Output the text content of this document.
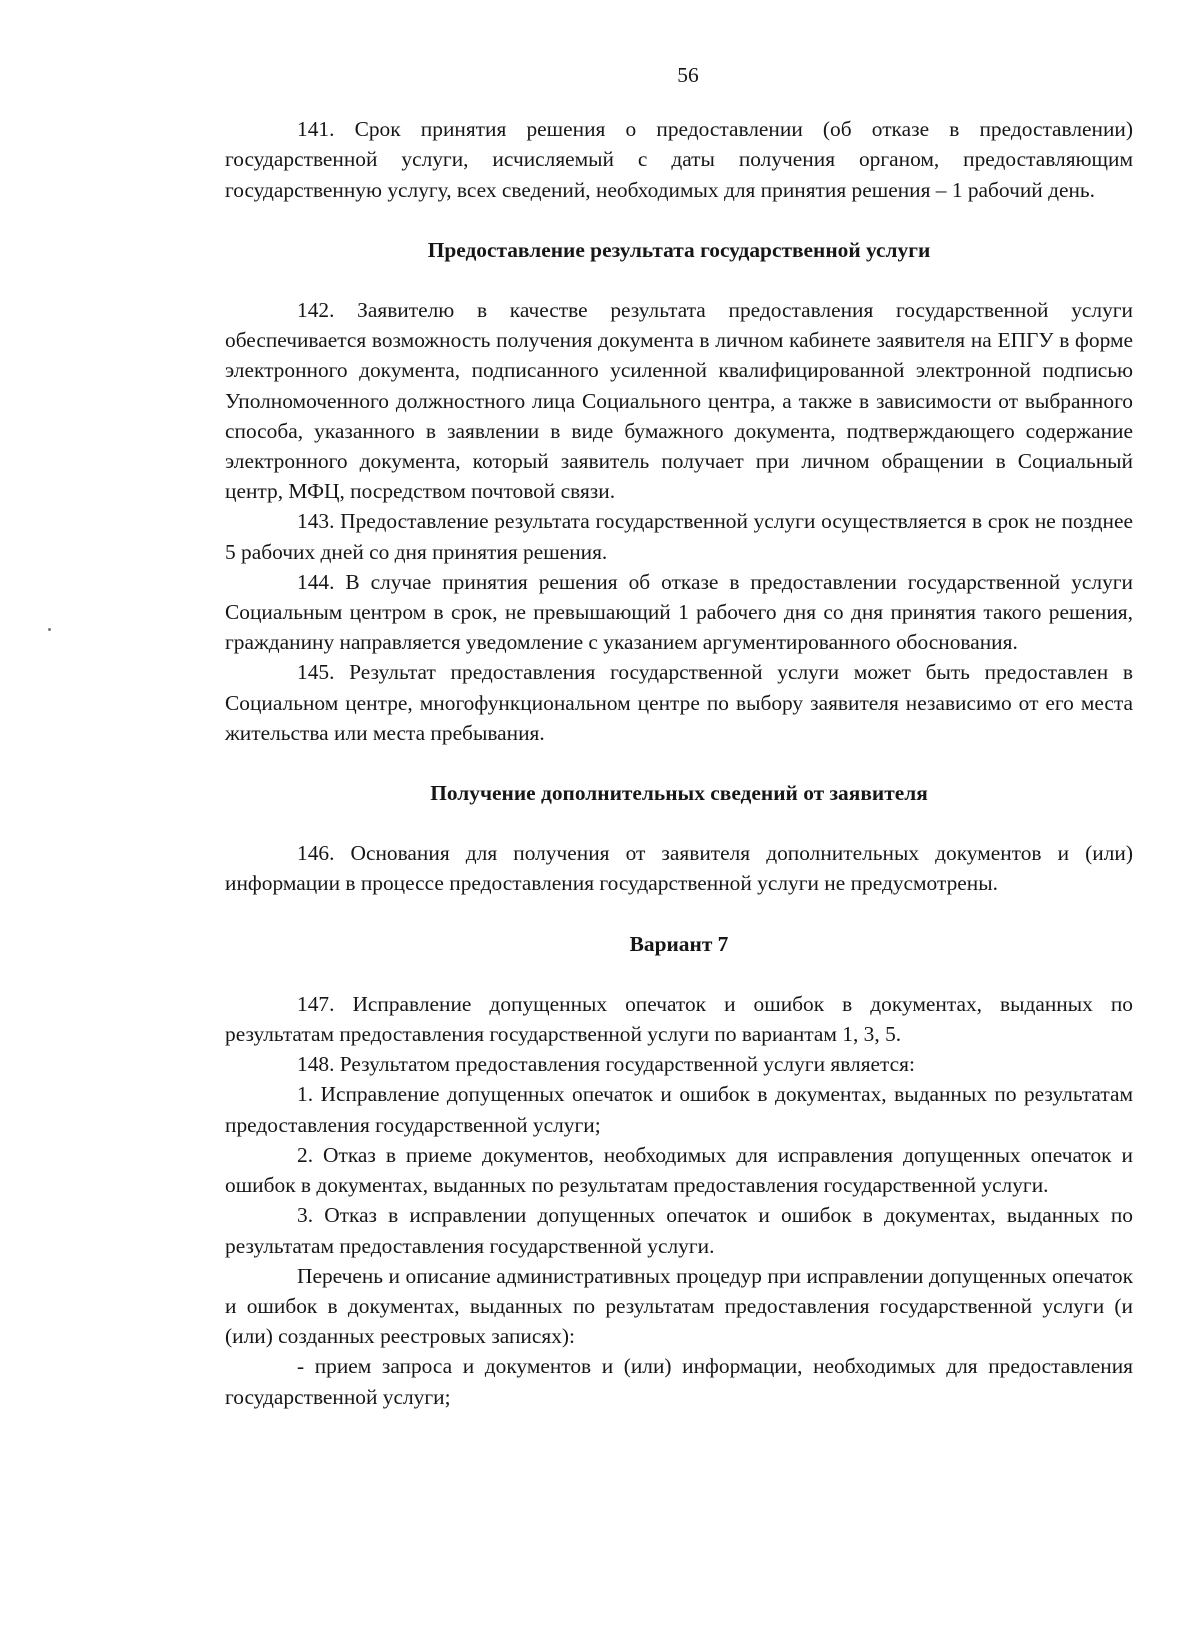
56

141. Срок принятия решения о предоставлении (об отказе в предоставлении) государственной услуги, исчисляемый с даты получения органом, предоставляющим государственную услугу, всех сведений, необходимых для принятия решения – 1 рабочий день.

Предоставление результата государственной услуги

142. Заявителю в качестве результата предоставления государственной услуги обеспечивается возможность получения документа в личном кабинете заявителя на ЕПГУ в форме электронного документа, подписанного усиленной квалифицированной электронной подписью Уполномоченного должностного лица Социального центра, а также в зависимости от выбранного способа, указанного в заявлении в виде бумажного документа, подтверждающего содержание электронного документа, который заявитель получает при личном обращении в Социальный центр, МФЦ, посредством почтовой связи.

143. Предоставление результата государственной услуги осуществляется в срок не позднее 5 рабочих дней со дня принятия решения.

144. В случае принятия решения об отказе в предоставлении государственной услуги Социальным центром в срок, не превышающий 1 рабочего дня со дня принятия такого решения, гражданину направляется уведомление с указанием аргументированного обоснования.

145. Результат предоставления государственной услуги может быть предоставлен в Социальном центре, многофункциональном центре по выбору заявителя независимо от его места жительства или места пребывания.

Получение дополнительных сведений от заявителя

146. Основания для получения от заявителя дополнительных документов и (или) информации в процессе предоставления государственной услуги не предусмотрены.

Вариант 7

147. Исправление допущенных опечаток и ошибок в документах, выданных по результатам предоставления государственной услуги по вариантам 1, 3, 5.

148. Результатом предоставления государственной услуги является:

1. Исправление допущенных опечаток и ошибок в документах, выданных по результатам предоставления государственной услуги;

2. Отказ в приеме документов, необходимых для исправления допущенных опечаток и ошибок в документах, выданных по результатам предоставления государственной услуги.

3. Отказ в исправлении допущенных опечаток и ошибок в документах, выданных по результатам предоставления государственной услуги.

Перечень и описание административных процедур при исправлении допущенных опечаток и ошибок в документах, выданных по результатам предоставления государственной услуги (и (или) созданных реестровых записях):

- прием запроса и документов и (или) информации, необходимых для предоставления государственной услуги;
